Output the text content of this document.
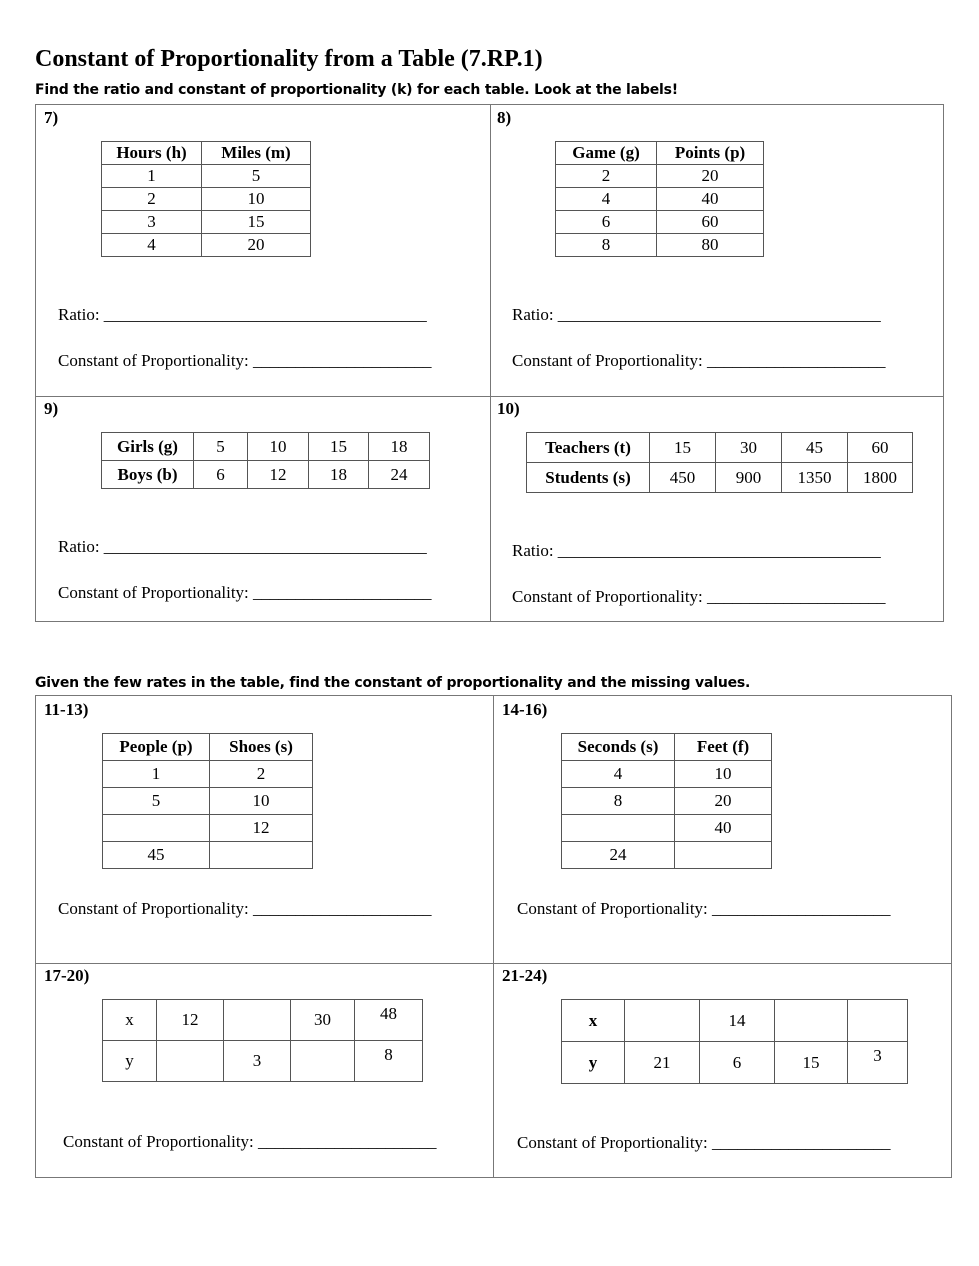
Constant of Proportionality from a Table (7.RP.1)
Find the ratio and constant of proportionality (k) for each table. Look at the labels!
Given the few rates in the table, find the constant of proportionality and the missing values.
7)
Hours (h)	Miles (m)
1	5
2	10
3	15
4	20
Ratio: ______________________________________
Constant of Proportionality: _____________________
8)
Game (g)	Points (p)
2	20
4	40
6	60
8	80
Ratio: ______________________________________
Constant of Proportionality: _____________________
9)
Girls (g)	5	10	15	18
Boys (b)	6	12	18	24
Ratio: ______________________________________
Constant of Proportionality: _____________________
10)
Teachers (t)	15	30	45	60
Students (s)	450	900	1350	1800
Ratio: ______________________________________
Constant of Proportionality: _____________________
11-13)
People (p)	Shoes (s)
1	2
5	10
	12
45	
Constant of Proportionality: _____________________
14-16)
Seconds (s)	Feet (f)
4	10
8	20
	40
24	
Constant of Proportionality: _____________________
17-20)
x	12		30	48
y		3		8
Constant of Proportionality: _____________________
21-24)
x		14		
y	21	6	15	3
Constant of Proportionality: _____________________
